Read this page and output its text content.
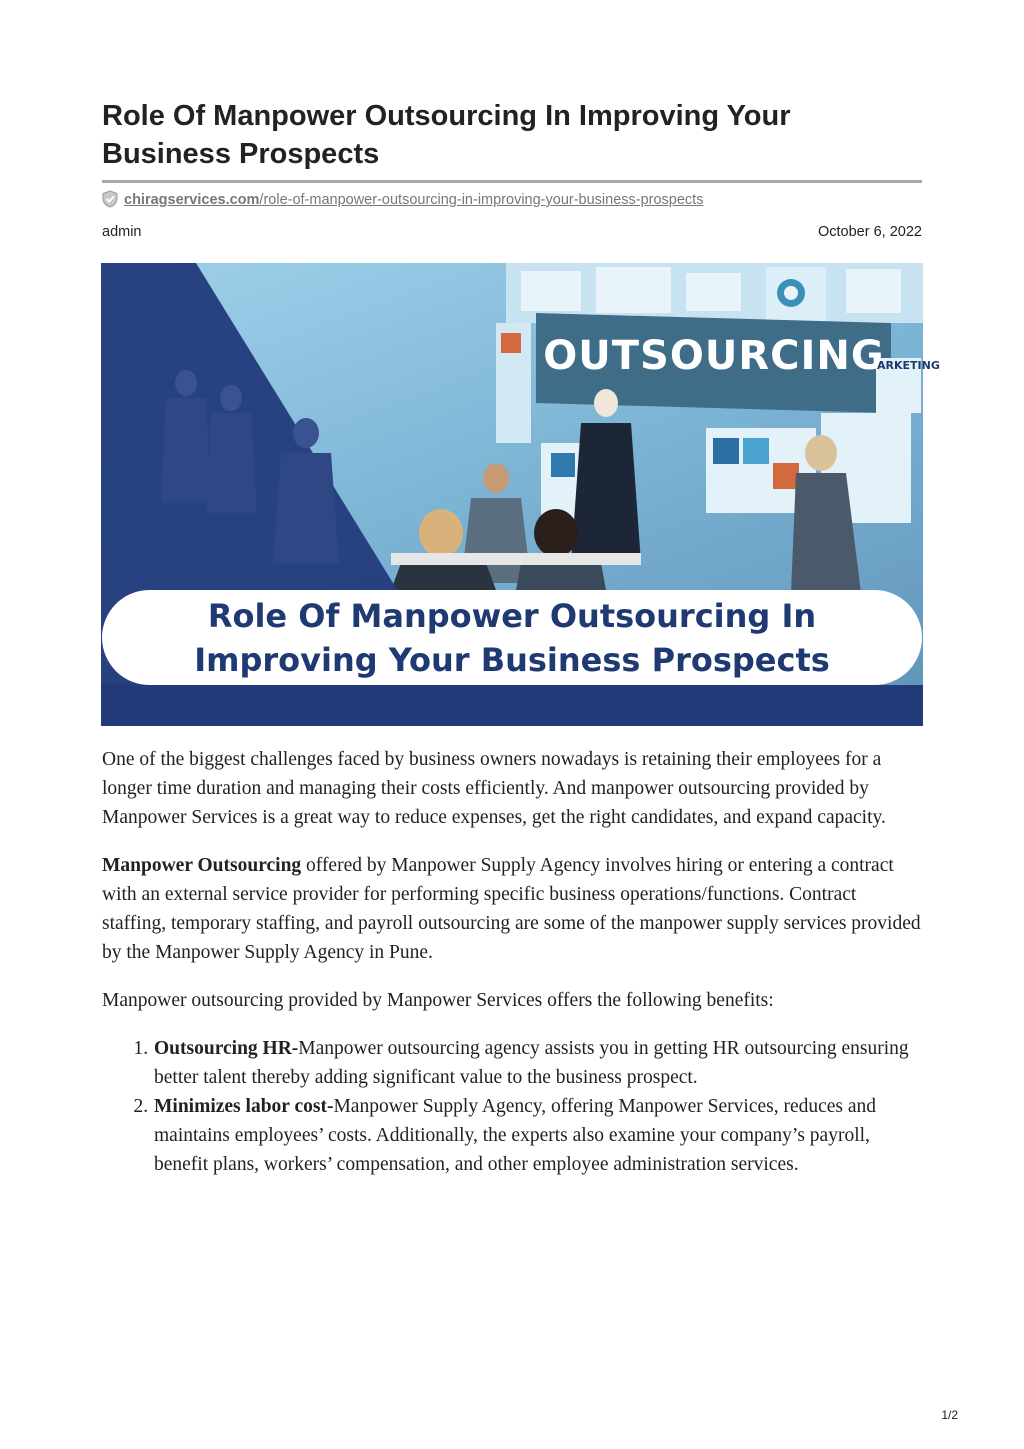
Role Of Manpower Outsourcing In Improving Your Business Prospects
chiragservices.com/role-of-manpower-outsourcing-in-improving-your-business-prospects
admin	October 6, 2022
OUTSOURCING
ARKETING
Role Of Manpower Outsourcing In Improving Your Business Prospects

One of the biggest challenges faced by business owners nowadays is retaining their employees for a longer time duration and managing their costs efficiently. And manpower outsourcing provided by Manpower Services is a great way to reduce expenses, get the right candidates, and expand capacity.

Manpower Outsourcing offered by Manpower Supply Agency involves hiring or entering a contract with an external service provider for performing specific business operations/functions. Contract staffing, temporary staffing, and payroll outsourcing are some of the manpower supply services provided by the Manpower Supply Agency in Pune.

Manpower outsourcing provided by Manpower Services offers the following benefits:

1. Outsourcing HR-Manpower outsourcing agency assists you in getting HR outsourcing ensuring better talent thereby adding significant value to the business prospect.
2. Minimizes labor cost-Manpower Supply Agency, offering Manpower Services, reduces and maintains employees’ costs. Additionally, the experts also examine your company’s payroll, benefit plans, workers’ compensation, and other employee administration services.
1/2
